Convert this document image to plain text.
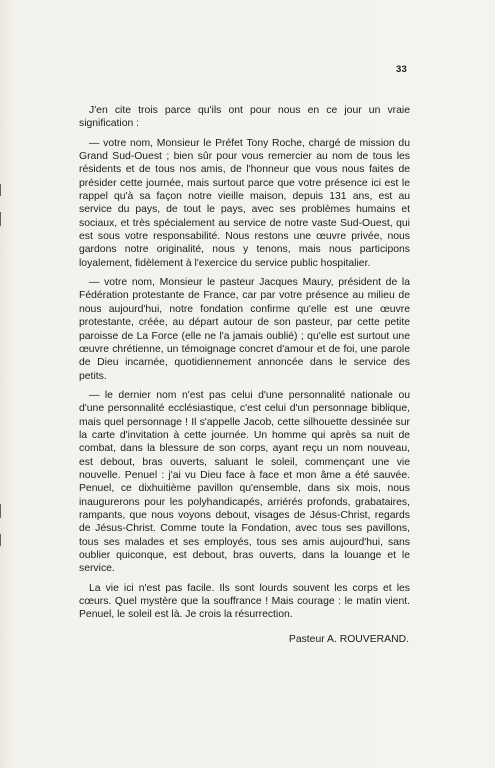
33

J'en cite trois parce qu'ils ont pour nous en ce jour un vraie signification :

— votre nom, Monsieur le Préfet Tony Roche, chargé de mission du Grand Sud-Ouest ; bien sûr pour vous remercier au nom de tous les résidents et de tous nos amis, de l'honneur que vous nous faites de présider cette journée, mais surtout parce que votre présence ici est le rappel qu'à sa façon notre vieille maison, depuis 131 ans, est au service du pays, de tout le pays, avec ses problèmes humains et sociaux, et très spécialement au service de notre vaste Sud-Ouest, qui est sous votre responsabilité. Nous restons une œuvre privée, nous gardons notre originalité, nous y tenons, mais nous participons loyalement, fidèlement à l'exercice du service public hospitalier.

— votre nom, Monsieur le pasteur Jacques Maury, président de la Fédération protestante de France, car par votre présence au milieu de nous aujourd'hui, notre fondation confirme qu'elle est une œuvre protestante, créée, au départ autour de son pasteur, par cette petite paroisse de La Force (elle ne l'a jamais oublié) ; qu'elle est surtout une œuvre chrétienne, un témoignage concret d'amour et de foi, une parole de Dieu incarnée, quotidiennement annoncée dans le service des petits.

— le dernier nom n'est pas celui d'une personnalité nationale ou d'une personnalité ecclésiastique, c'est celui d'un personnage biblique, mais quel personnage ! Il s'appelle Jacob, cette silhouette dessinée sur la carte d'invitation à cette journée. Un homme qui après sa nuit de combat, dans la blessure de son corps, ayant reçu un nom nouveau, est debout, bras ouverts, saluant le soleil, commençant une vie nouvelle. Penuel : j'ai vu Dieu face à face et mon âme a été sauvée. Penuel, ce dixhuitième pavillon qu'ensemble, dans six mois, nous inaugurerons pour les polyhandicapés, arriérés profonds, grabataires, rampants, que nous voyons debout, visages de Jésus-Christ, regards de Jésus-Christ. Comme toute la Fondation, avec tous ses pavillons, tous ses malades et ses employés, tous ses amis aujourd'hui, sans oublier quiconque, est debout, bras ouverts, dans la louange et le service.

La vie ici n'est pas facile. Ils sont lourds souvent les corps et les cœurs. Quel mystère que la souffrance ! Mais courage : le matin vient. Penuel, le soleil est là. Je crois la résurrection.

Pasteur A. ROUVERAND.
